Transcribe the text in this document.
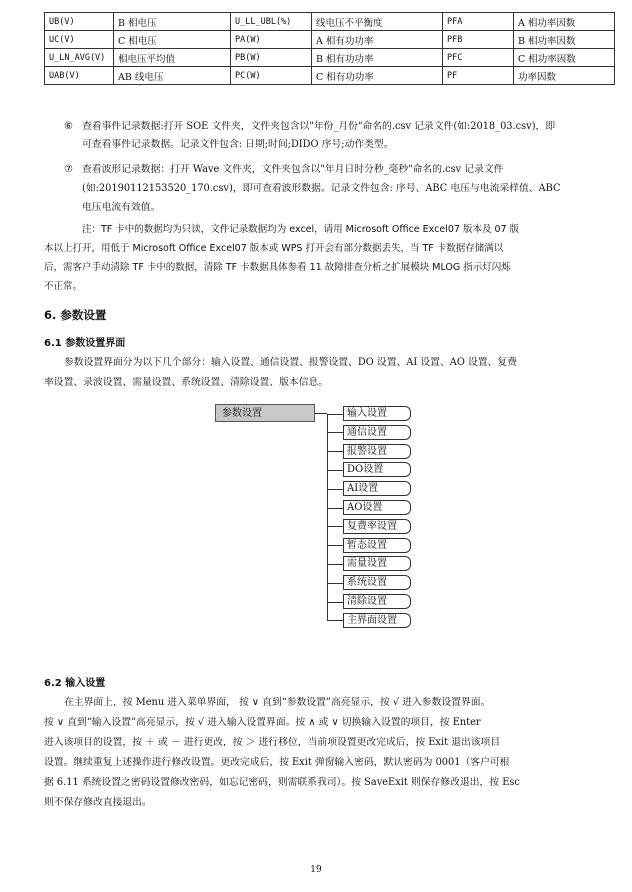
UB(V)	B 相电压	U_LL_UBL(%)	线电压不平衡度	PFA	A 相功率因数
UC(V)	C 相电压	PA(W)	A 相有功功率	PFB	B 相功率因数
U_LN_AVG(V)	相电压平均值	PB(W)	B 相有功功率	PFC	C 相功率因数
UAB(V)	AB 线电压	PC(W)	C 相有功功率	PF	功率因数
⑥ 查看事件记录数据:打开 SOE 文件夹，文件夹包含以"年份_月份"命名的.csv 记录文件(如:2018_03.csv)，即
可查看事件记录数据。记录文件包含: 日期;时间;DIDO 序号;动作类型。
⑦ 查看波形记录数据：打开 Wave 文件夹，文件夹包含以"年月日时分秒_毫秒"命名的.csv 记录文件
(如:20190112153520_170.csv)，即可查看波形数据。记录文件包含: 序号、ABC 电压与电流采样值、ABC
电压电流有效值。
注：TF 卡中的数据均为只读，文件记录数据均为 excel，请用 Microsoft Office Excel07 版本及 07 版
本以上打开，用低于 Microsoft Office Excel07 版本或 WPS 打开会有部分数据丢失，当 TF 卡数据存储满以
后，需客户手动清除 TF 卡中的数据，清除 TF 卡数据具体参看 11 故障排查分析之扩展模块 MLOG 指示灯闪烁
不正常。
6. 参数设置
6.1 参数设置界面
参数设置界面分为以下几个部分：输入设置、通信设置、报警设置、DO 设置、AI 设置、AO 设置、复费
率设置、录波设置、需量设置、系统设置、清除设置、版本信息。
参数设置	输入设置
通信设置
报警设置
DO设置
AI设置
AO设置
复费率设置
暂态设置
需量设置
系统设置
清除设置
主界面设置
6.2 输入设置
在主界面上，按 Menu 进入菜单界面， 按 ∨ 直到“参数设置”高亮显示，按 √ 进入参数设置界面。
按 ∨ 直到“输入设置”高亮显示，按 √ 进入输入设置界面。按 ∧ 或 ∨ 切换输入设置的项目，按 Enter
进入该项目的设置，按 ＋ 或 － 进行更改，按 ＞ 进行移位，当前项设置更改完成后，按 Exit 退出该项目
设置。继续重复上述操作进行修改设置。更改完成后，按 Exit 弹窗输入密码，默认密码为 0001（客户可根
据 6.11 系统设置之密码设置修改密码，如忘记密码，则需联系我司）。按 SaveExit 则保存修改退出，按 Esc
则不保存修改直接退出。
19
